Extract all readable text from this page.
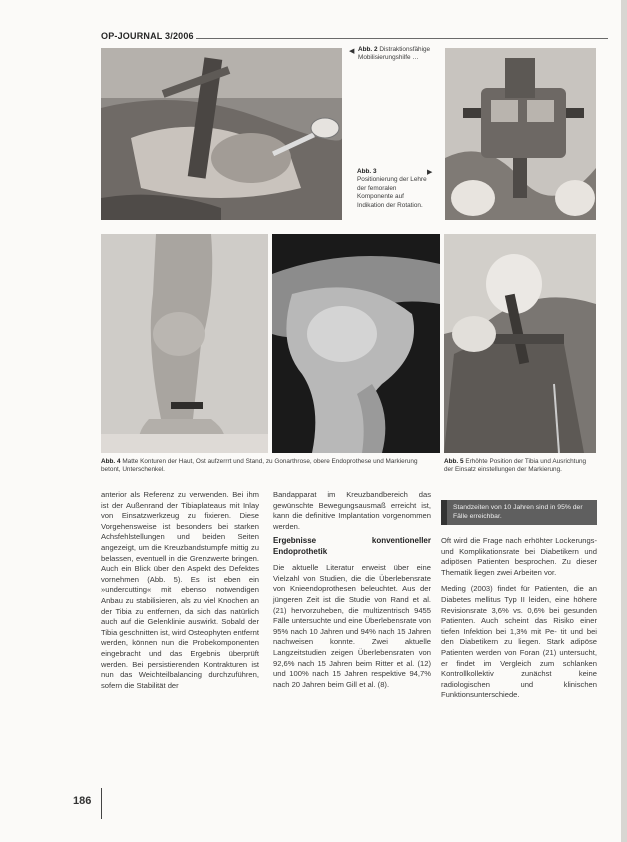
OP-JOURNAL 3/2006
◀ Abb. 2 Distraktionsfähige Mobilisierungshilfe …
▶
Abb. 3
Positionierung der Lehre der femoralen Komponente auf Indikation der Rotation.
Abb. 4 Matte Konturen der Haut, Ost aufzerrrt und Stand, zu Gonarthrose, obere Endoprothese und Markierung betont, Unterschenkel.
Abb. 5 Erhöhte Position der Tibia und Ausrichtung der Einsatz einstellungen der Markierung.

anterior als Referenz zu verwenden. Bei ihm ist der Außenrand der Tibiaplateaus mit Inlay von Einsatzwerkzeug zu fixieren. Diese Vorgehensweise ist besonders bei starken Achsfehlstellungen und beiden Seiten angezeigt, um die Kreuzbandstumpfe mittig zu belassen, eventuell in die Grenzwerte bringen. Auch ein Blick über den Aspekt des Defektes vornehmen (Abb. 5). Es ist eben ein »undercutting« mit ebenso notwendigen Anbau zu stabilisieren, als zu viel Knochen an der Tibia zu entfernen, da sich das natürlich auch auf die Gelenklinie auswirkt. Sobald der Tibia geschnitten ist, wird Osteophyten entfernt werden, können nun die Probekomponenten eingebracht und das Ergebnis überprüft werden. Bei persistierenden Kontrakturen ist nun das Weichteilbalancing durchzuführen, sofern die Stabilität der

Bandapparat im Kreuzbandbereich das gewünschte Bewegungsausmaß erreicht ist, kann die definitive Implantation vorgenommen werden.

Ergebnisse konventioneller Endoprothetik

Die aktuelle Literatur erweist über eine Vielzahl von Studien, die die Überlebensrate von Knieendoprothesen beleuchtet. Aus der jüngeren Zeit ist die Studie von Rand et al. (21) hervorzuheben, die multizentrisch 9455 Fälle untersuchte und eine Überlebensrate von 95% nach 10 Jahren und 94% nach 15 Jahren nachweisen konnte. Zwei aktuelle Langzeitstudien zeigen Überlebensraten von 92,6% nach 15 Jahren beim Ritter et al. (12) und 100% nach 15 Jahren respektive 94,7% nach 20 Jahren beim Gill et al. (8).

Standzeiten von 10 Jahren sind in 95% der Fälle erreichbar.

Oft wird die Frage nach erhöhter Lockerungs- und Komplikationsrate bei Diabetikern und adipösen Patienten besprochen. Zu dieser Thematik liegen zwei Arbeiten vor.

Meding (2003) findet für Patienten, die an Diabetes mellitus Typ II leiden, eine höhere Revisionsrate 3,6% vs. 0,6% bei gesunden Patienten. Auch scheint das Risiko einer tiefen Infektion bei 1,3% mit Pe- tit und bei den Diabetikern zu liegen. Stark adipöse Patienten werden von Foran (21) untersucht, er findet im Vergleich zum schlanken Kontrollkollektiv zunächst keine radiologischen und klinischen Funktionsunterschiede.

186
